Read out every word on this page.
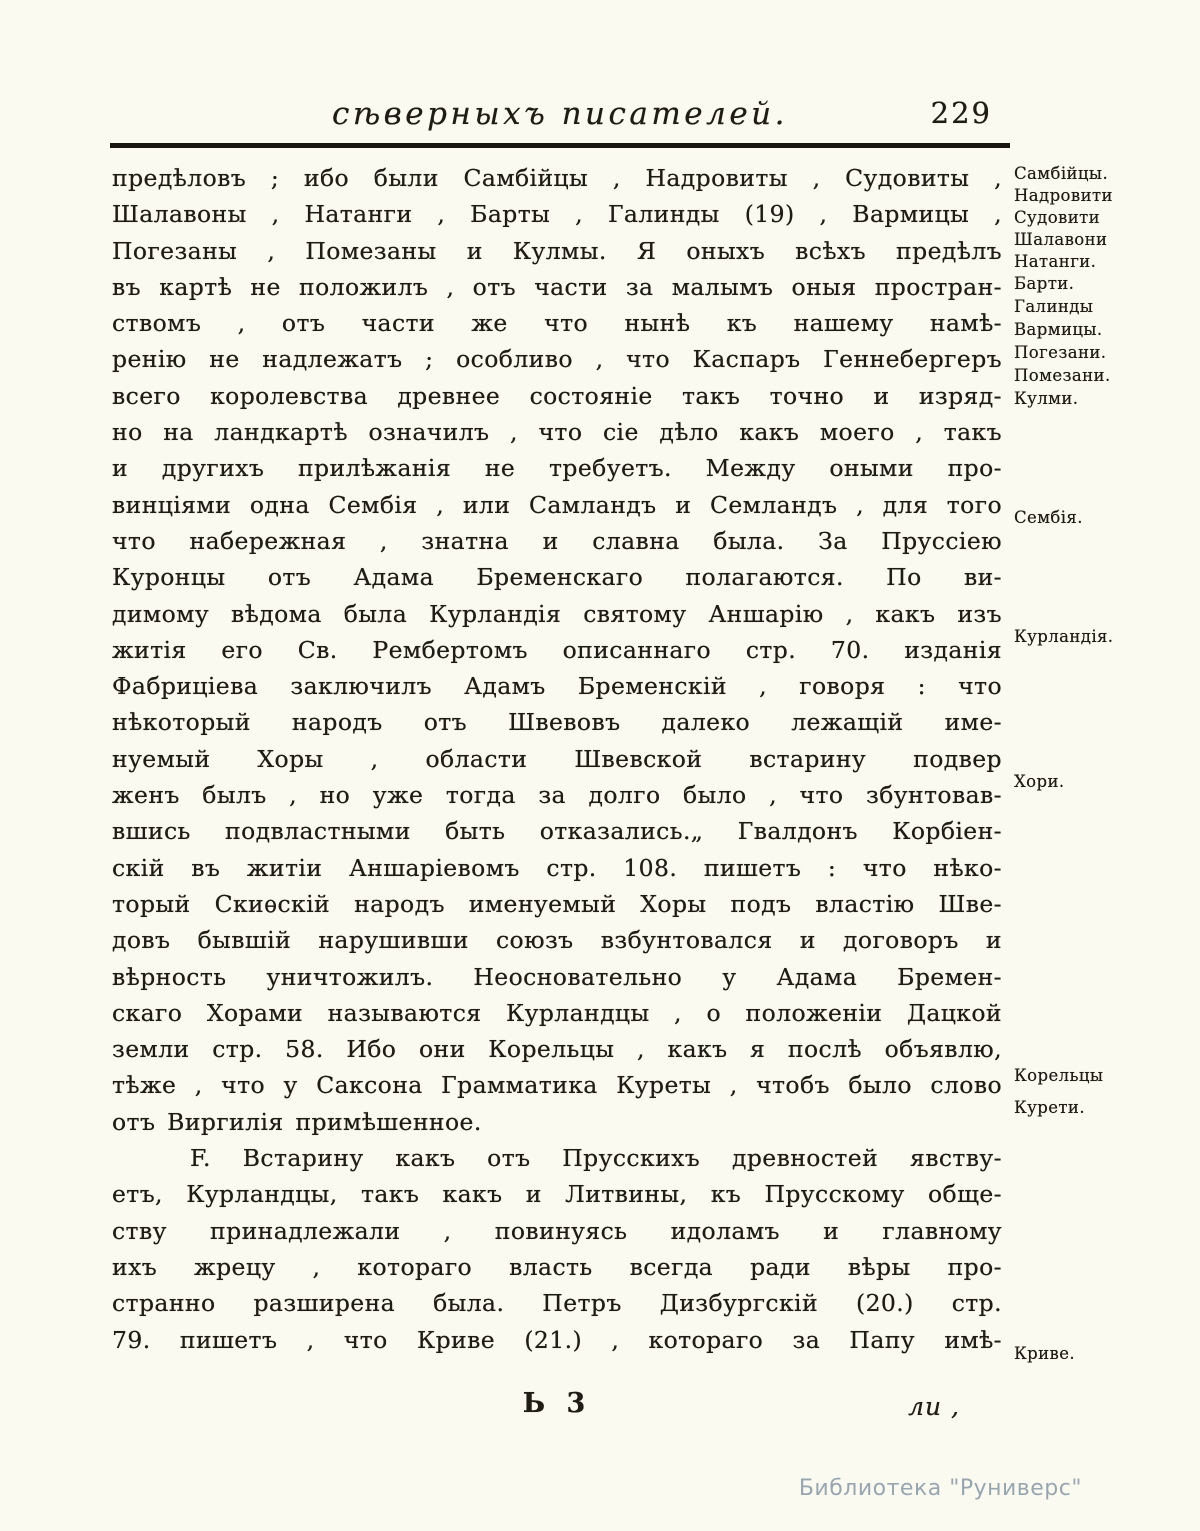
сѣверныхъ писателей.	229
предѣловъ ; ибо были Самбійцы , Надровиты , Судовиты ,
Шалавоны , Натанги , Барты , Галинды (19) , Вармицы ,
Погезаны , Помезаны и Кулмы. Я оныхъ всѣхъ предѣлъ
въ картѣ не положилъ , отъ части за малымъ оныя простран-
ствомъ , отъ части же что нынѣ къ нашему намѣ-
ренію не надлежатъ ; особливо , что Каспаръ Геннебергеръ
всего королевства древнее состояніе такъ точно и изряд-
но на ландкартѣ означилъ , что сіе дѣло какъ моего , такъ
и другихъ прилѣжанія не требуетъ. Между оными про-
винціями одна Сембія , или Самландъ и Семландъ , для того
что набережная , знатна и славна была. За Пруссіею
Куронцы отъ Адама Бременскаго полагаются. По ви-
димому вѣдома была Курландія святому Аншарію , какъ изъ
житія его Св. Рембертомъ описаннаго стр. 70. изданія
Фабриціева заключилъ Адамъ Бременскій , говоря : что
нѣкоторый народъ отъ Швевовъ далеко лежащій име-
нуемый Хоры , области Швевской встарину подвер
женъ былъ , но уже тогда за долго было , что збунтовав-
вшись подвластными быть отказались.„ Гвалдонъ Корбіен-
скій въ житіи Аншаріевомъ стр. 108. пишетъ : что нѣко-
торый Скиѳскій народъ именуемый Хоры подъ властію Шве-
довъ бывшій нарушивши союзъ взбунтовался и договоръ и
вѣрность уничтожилъ. Неосновательно у Адама Бремен-
скаго Хорами называются Курландцы , о положеніи Дацкой
земли стр. 58. Ибо они Корельцы , какъ я послѣ объявлю,
тѣже , что у Саксона Грамматика Куреты , чтобъ было слово
отъ Виргилія примѣшенное.
F. Встарину какъ отъ Прусскихъ древностей явству-
етъ, Курландцы, такъ какъ и Литвины, къ Прусскому обще-
ству принадлежали , повинуясь идоламъ и главному
ихъ жрецу , котораго власть всегда ради вѣры про-
странно разширена была. Петръ Дизбургскій (20.) стр.
79. пишетъ , что Криве (21.) , котораго за Папу имѣ-
Самбійцы.
Надровити
Судовити
Шалавони
Натанги.
Барти.
Галинды
Вармицы.
Погезани.
Помезани.
Кулми.
Сембія.
Курландія.
Хори.
Корельцы
Курети.
Криве.
Ь 3	ли ,
Библиотека "Руниверс"
